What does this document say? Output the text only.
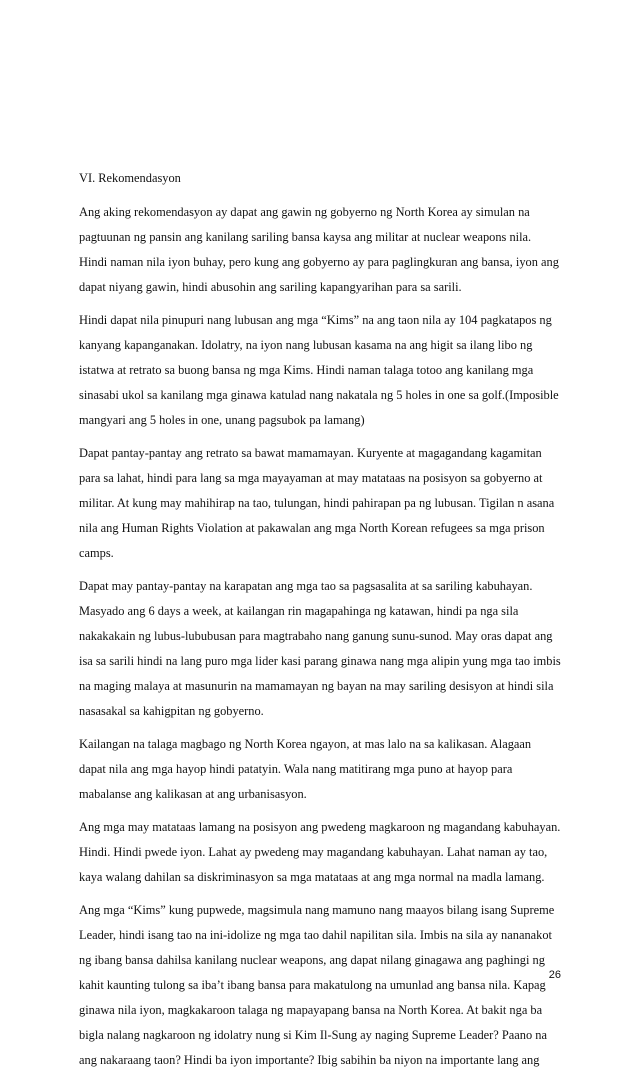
VI. Rekomendasyon
Ang aking rekomendasyon ay dapat ang gawin ng gobyerno ng North Korea ay simulan na
pagtuunan ng pansin ang kanilang sariling bansa kaysa ang militar at nuclear weapons nila.
Hindi naman nila iyon buhay, pero kung ang gobyerno ay para paglingkuran ang bansa, iyon ang
dapat niyang gawin, hindi abusohin ang sariling kapangyarihan para sa sarili.
Hindi dapat nila pinupuri nang lubusan ang mga “Kims” na ang taon nila ay 104 pagkatapos ng
kanyang kapanganakan. Idolatry, na iyon nang lubusan kasama na ang higit sa ilang libo ng
istatwa at retrato sa buong bansa ng mga Kims. Hindi naman talaga totoo ang kanilang mga
sinasabi ukol sa kanilang mga ginawa katulad nang nakatala ng 5 holes in one sa golf.(Imposible
mangyari ang 5 holes in one, unang pagsubok pa lamang)
Dapat pantay-pantay ang retrato sa bawat mamamayan. Kuryente at magagandang kagamitan
para sa lahat, hindi para lang sa mga mayayaman at may matataas na posisyon sa gobyerno at
militar. At kung may mahihirap na tao, tulungan, hindi pahirapan pa ng lubusan. Tigilan n asana
nila ang Human Rights Violation at pakawalan ang mga North Korean refugees sa mga prison
camps.
Dapat may pantay-pantay na karapatan ang mga tao sa pagsasalita at sa sariling kabuhayan.
Masyado ang 6 days a week, at kailangan rin magapahinga ng katawan, hindi pa nga sila
nakakakain ng lubus-lububusan para magtrabaho nang ganung sunu-sunod. May oras dapat ang
isa sa sarili hindi na lang puro mga lider kasi parang ginawa nang mga alipin yung mga tao imbis
na maging malaya at masunurin na mamamayan ng bayan na may sariling desisyon at hindi sila
nasasakal sa kahigpitan ng gobyerno.
Kailangan na talaga magbago ng North Korea ngayon, at mas lalo na sa kalikasan. Alagaan
dapat nila ang mga hayop hindi patatyin. Wala nang matitirang mga puno at hayop para
mabalanse ang kalikasan at ang urbanisasyon.
Ang mga may matataas lamang na posisyon ang pwedeng magkaroon ng magandang kabuhayan.
Hindi. Hindi pwede iyon. Lahat ay pwedeng may magandang kabuhayan. Lahat naman ay tao,
kaya walang dahilan sa diskriminasyon sa mga matataas at ang mga normal na madla lamang.
Ang mga “Kims” kung pupwede, magsimula nang mamuno nang maayos bilang isang Supreme
Leader, hindi isang tao na ini-idolize ng mga tao dahil napilitan sila. Imbis na sila ay nananakot
ng ibang bansa dahilsa kanilang nuclear weapons, ang dapat nilang ginagawa ang paghingi ng
kahit kaunting tulong sa iba’t ibang bansa para makatulong na umunlad ang bansa nila. Kapag
ginawa nila iyon, magkakaroon talaga ng mapayapang bansa na North Korea. At bakit nga ba
bigla nalang nagkaroon ng idolatry nung si Kim Il-Sung ay naging Supreme Leader? Paano na
ang nakaraang taon? Hindi ba iyon importante? Ibig sabihin ba niyon na importante lang ang
26
